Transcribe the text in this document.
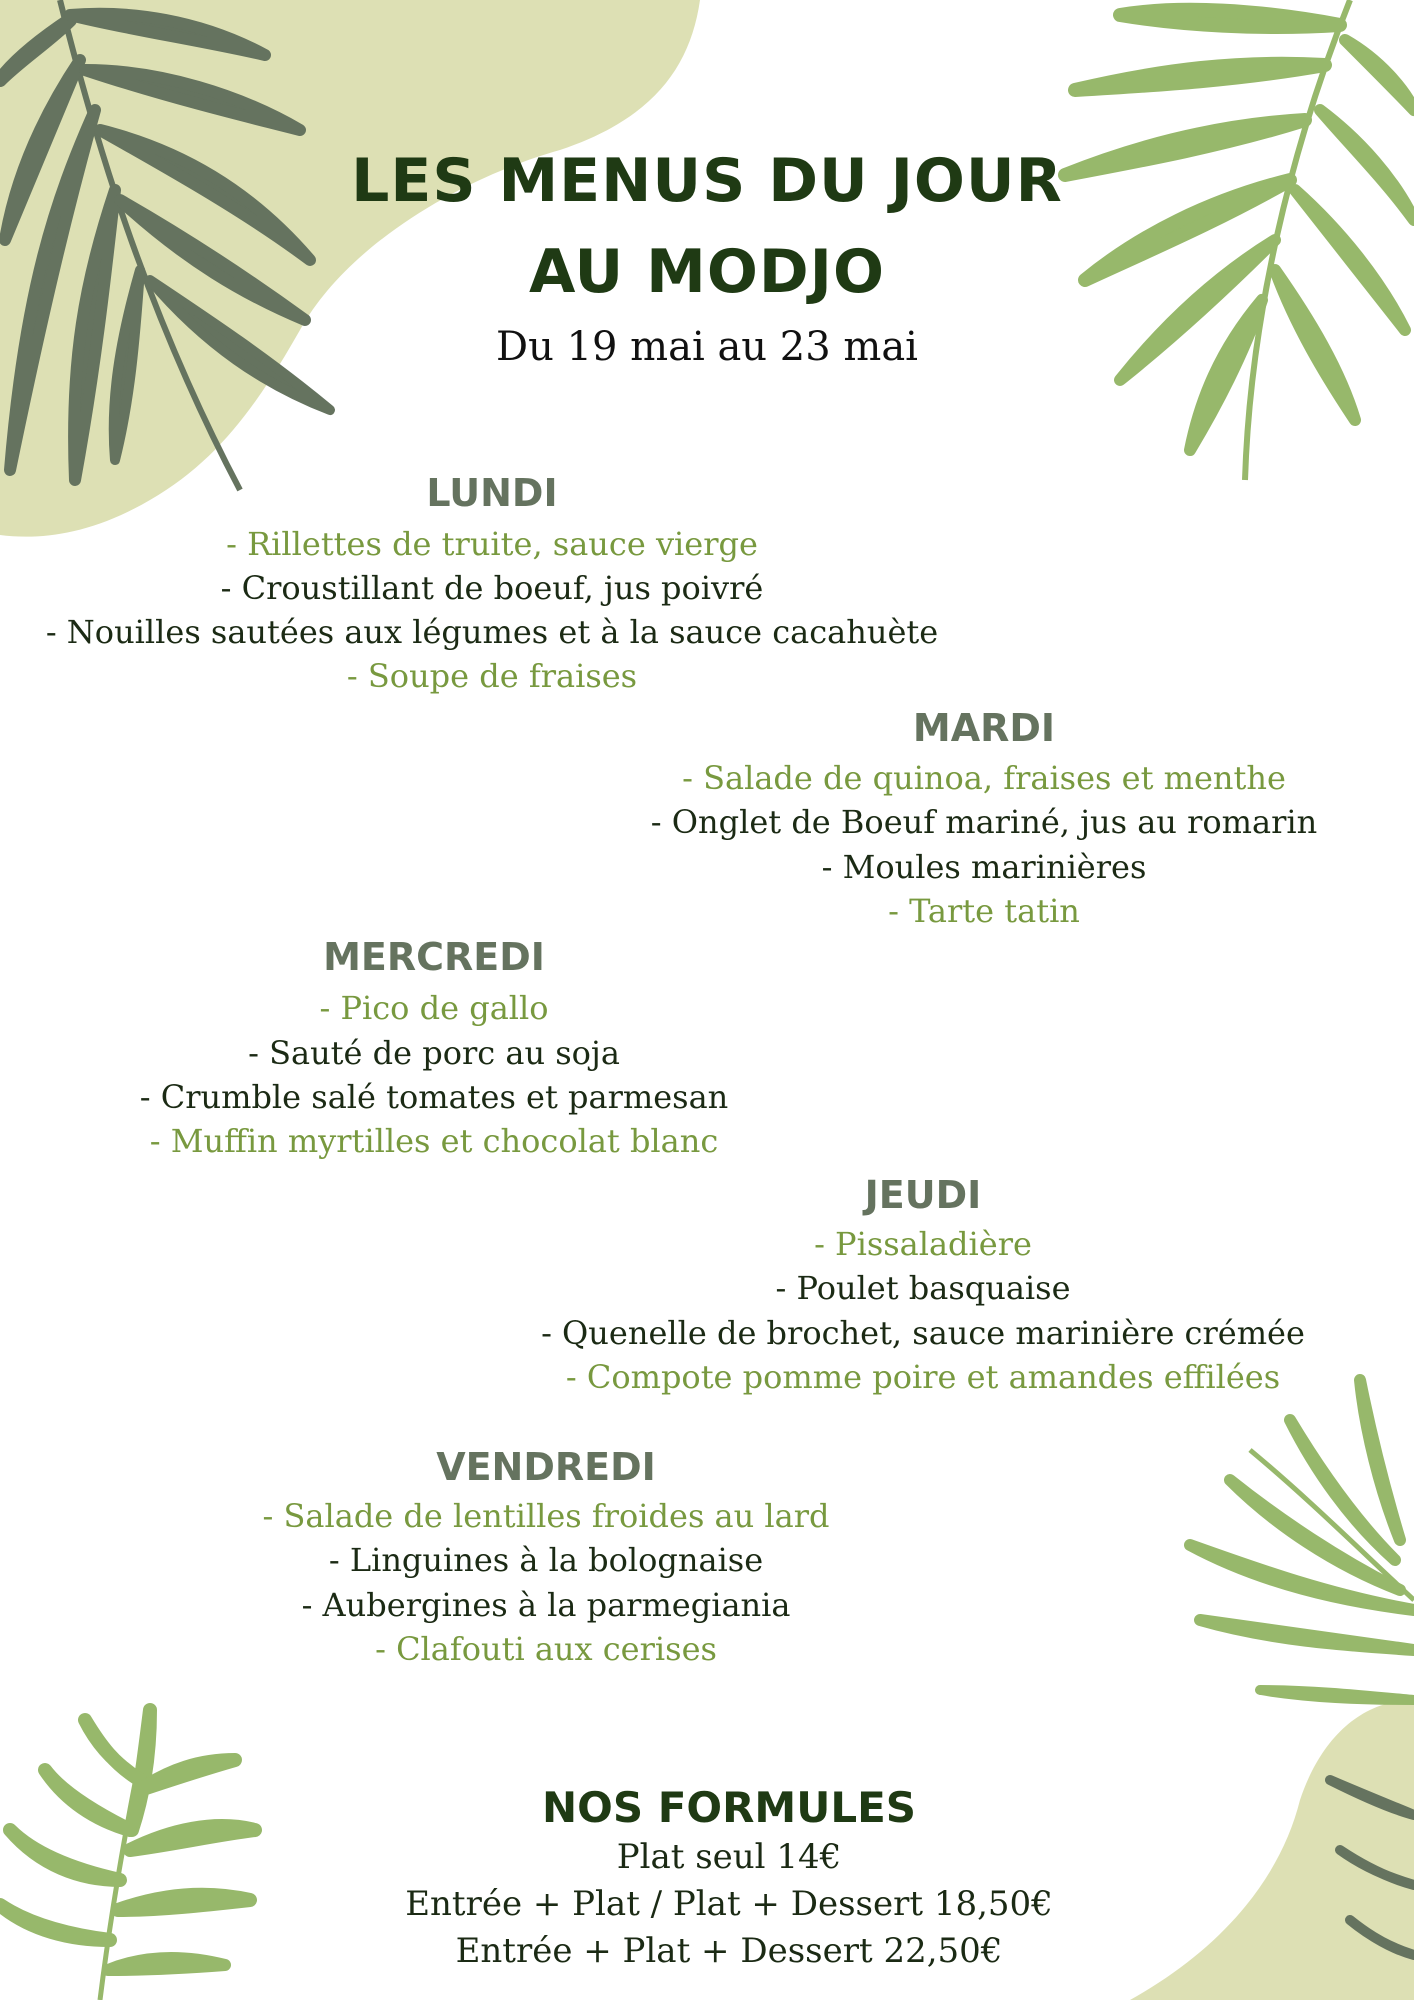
LES MENUS DU JOUR
AU MODJO
Du 19 mai au 23 mai
LUNDI
- Rillettes de truite, sauce vierge
- Croustillant de boeuf, jus poivré
- Nouilles sautées aux légumes et à la sauce cacahuète
- Soupe de fraises
MARDI
- Salade de quinoa, fraises et menthe
- Onglet de Boeuf mariné, jus au romarin
- Moules marinières
- Tarte tatin
MERCREDI
- Pico de gallo
- Sauté de porc au soja
- Crumble salé tomates et parmesan
- Muffin myrtilles et chocolat blanc
JEUDI
- Pissaladière
- Poulet basquaise
- Quenelle de brochet, sauce marinière crémée
- Compote pomme poire et amandes effilées
VENDREDI
- Salade de lentilles froides au lard
- Linguines à la bolognaise
- Aubergines à la parmegiania
- Clafouti aux cerises
NOS FORMULES
Plat seul 14€
Entrée + Plat / Plat + Dessert 18,50€
Entrée + Plat + Dessert 22,50€
